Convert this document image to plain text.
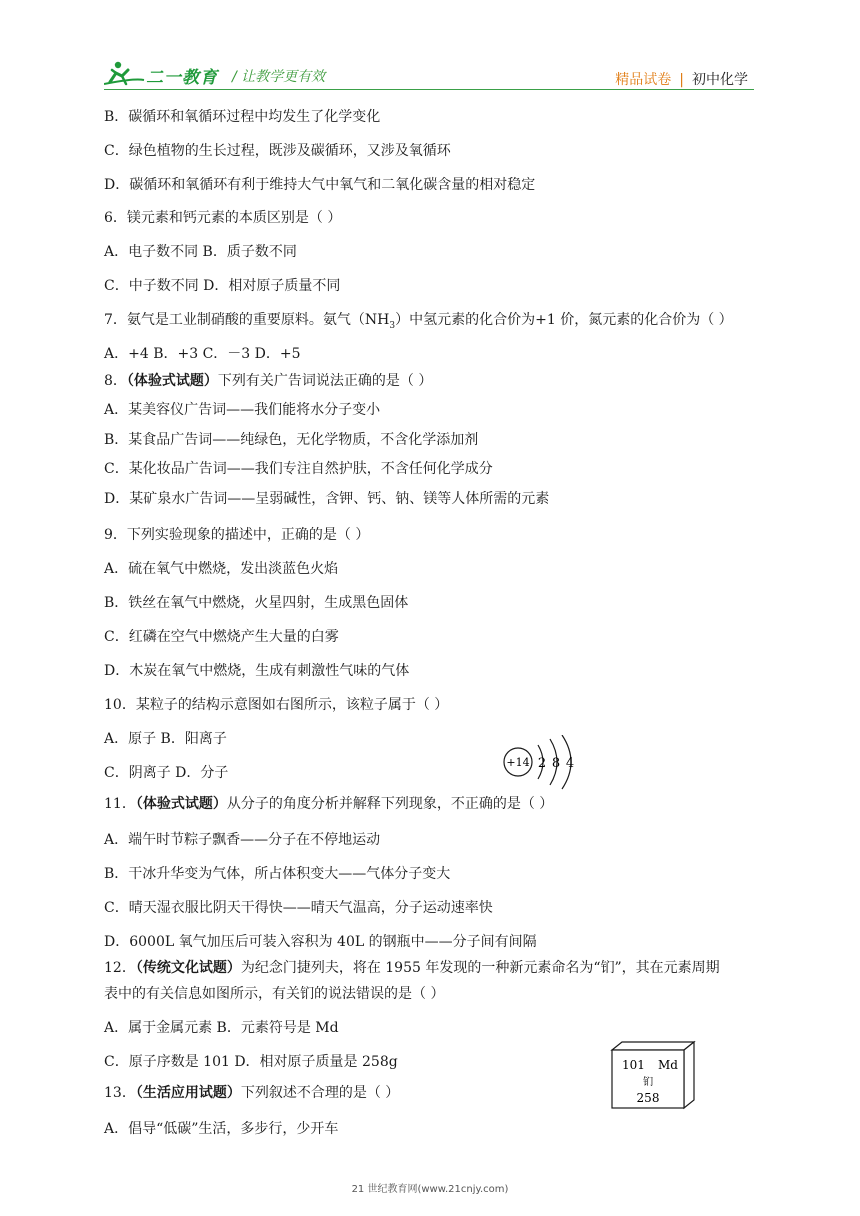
二一教育 / 让教学更有效	精品试卷 | 初中化学
B．碳循环和氧循环过程中均发生了化学变化
C．绿色植物的生长过程，既涉及碳循环，又涉及氧循环
D．碳循环和氧循环有利于维持大气中氧气和二氧化碳含量的相对稳定
6．镁元素和钙元素的本质区别是（ ）
A．电子数不同 B．质子数不同
C．中子数不同 D．相对原子质量不同
7．氨气是工业制硝酸的重要原料。氨气$(NH_3)$中氢元素的化合价为+1 价，氮元素的化合价为（ ）
A．+4 B．+3 C．－3 D．+5
8．（体验式试题）下列有关广告词说法正确的是（ ）
A．某美容仪广告词——我们能将水分子变小
B．某食品广告词——纯绿色，无化学物质，不含化学添加剂
C．某化妆品广告词——我们专注自然护肤，不含任何化学成分
D．某矿泉水广告词——呈弱碱性，含钾、钙、钠、镁等人体所需的元素
9．下列实验现象的描述中，正确的是（ ）
A．硫在氧气中燃烧，发出淡蓝色火焰
B．铁丝在氧气中燃烧，火星四射，生成黑色固体
C．红磷在空气中燃烧产生大量的白雾
D．木炭在氧气中燃烧，生成有刺激性气味的气体
10．某粒子的结构示意图如右图所示，该粒子属于（ ）
A．原子 B．阳离子
C．阴离子 D．分子
11．（体验式试题）从分子的角度分析并解释下列现象，不正确的是（ ）
A．端午时节粽子飘香——分子在不停地运动
B．干冰升华变为气体，所占体积变大——气体分子变大
C．晴天湿衣服比阴天干得快——晴天气温高，分子运动速率快
D．6000L 氧气加压后可装入容积为 40L 的钢瓶中——分子间有间隔
12．（传统文化试题）为纪念门捷列夫，将在 1955 年发现的一种新元素命名为“钔”，其在元素周期
表中的有关信息如图所示，有关钔的说法错误的是（ ）
A．属于金属元素 B．元素符号是 Md
C．原子序数是 101 D．相对原子质量是 258g
13．（生活应用试题）下列叙述不合理的是（ ）
A．倡导“低碳”生活，多步行，少开车
+14 2 8 4
101 Md
钔
258
21 世纪教育网(www.21cnjy.com)
